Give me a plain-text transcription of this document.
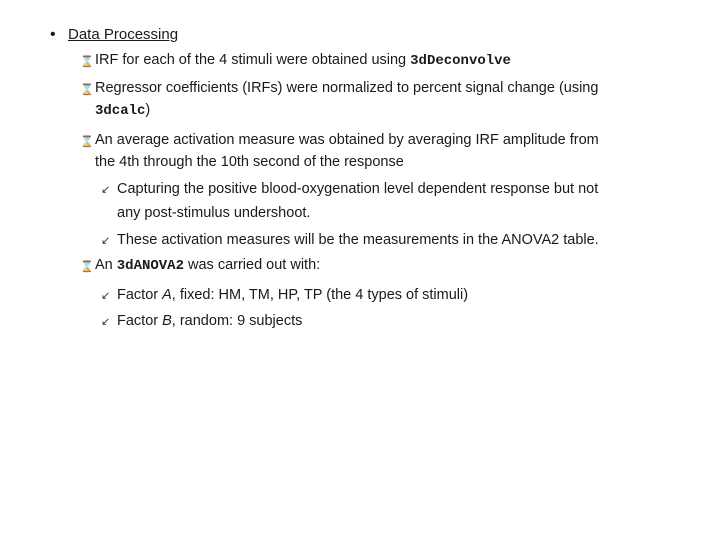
• Data Processing
⌛ IRF for each of the 4 stimuli were obtained using 3dDeconvolve
⌛ Regressor coefficients (IRFs) were normalized to percent signal change (using
3dcalc)
⌛ An average activation measure was obtained by averaging IRF amplitude from
the 4th through the 10th second of the response
↙ Capturing the positive blood-oxygenation level dependent response but not
any post-stimulus undershoot.
↙ These activation measures will be the measurements in the ANOVA2 table.
⌛ An 3dANOVA2 was carried out with:
↙ Factor A, fixed: HM, TM, HP, TP (the 4 types of stimuli)
↙ Factor B, random: 9 subjects
